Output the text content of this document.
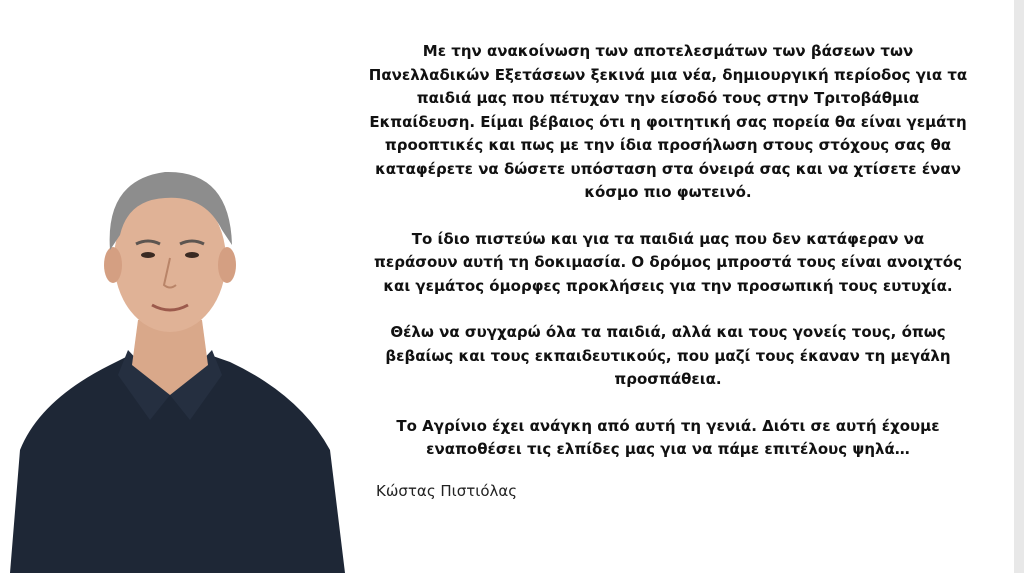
Με την ανακοίνωση των αποτελεσμάτων των βάσεων των Πανελλαδικών Εξετάσεων ξεκινά μια νέα, δημιουργική περίοδος για τα παιδιά μας που πέτυχαν την είσοδό τους στην Τριτοβάθμια Εκπαίδευση. Είμαι βέβαιος ότι η φοιτητική σας πορεία θα είναι γεμάτη προοπτικές και πως με την ίδια προσήλωση στους στόχους σας θα καταφέρετε να δώσετε υπόσταση στα όνειρά σας και να χτίσετε έναν κόσμο πιο φωτεινό.

Το ίδιο πιστεύω και για τα παιδιά μας που δεν κατάφεραν να περάσουν αυτή τη δοκιμασία. Ο δρόμος μπροστά τους είναι ανοιχτός και γεμάτος όμορφες προκλήσεις για την προσωπική τους ευτυχία.

Θέλω να συγχαρώ όλα τα παιδιά, αλλά και τους γονείς τους, όπως βεβαίως και τους εκπαιδευτικούς, που μαζί τους έκαναν τη μεγάλη προσπάθεια.

Το Αγρίνιο έχει ανάγκη από αυτή τη γενιά. Διότι σε αυτή έχουμε εναποθέσει τις ελπίδες μας για να πάμε επιτέλους ψηλά…

Κώστας Πιστιόλας
